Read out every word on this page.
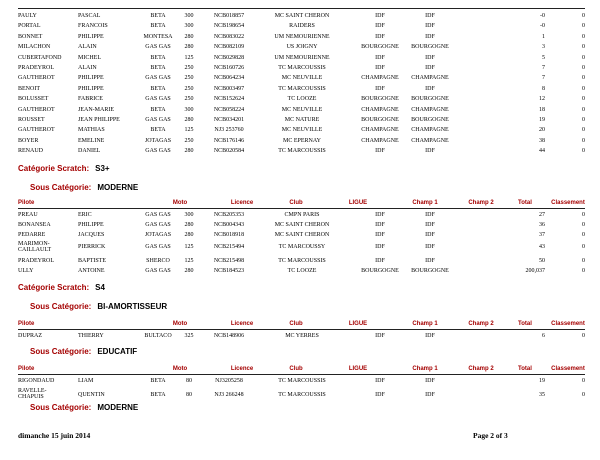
PAULY	PASCAL	BETA	300	NCB018857	MC SAINT CHERON	IDF	IDF	-0	0
PORTAL	FRANCOIS	BETA	300	NCB198654	RAIDERS	IDF	IDF	-0	0
BONNET	PHILIPPE	MONTESA	280	NCB083022	UM NEMOURIENNE	IDF	IDF	1	0
MILACHON	ALAIN	GAS GAS	280	NCB082109	US JOIGNY	BOURGOGNE	BOURGOGNE	3	0
CUBERTAFOND	MICHEL	BETA	125	NCB029828	UM NEMOURIENNE	IDF	IDF	5	0
PRADEYROL	ALAIN	BETA	250	NCB160726	TC MARCOUSSIS	IDF	IDF	7	0
GAUTHEROT	PHILIPPE	GAS GAS	250	NCB064234	MC NEUVILLE	CHAMPAGNE	CHAMPAGNE	7	0
BENOIT	PHILIPPE	BETA	250	NCB003497	TC MARCOUSSIS	IDF	IDF	8	0
BOLUSSET	FABRICE	GAS GAS	250	NCB152624	TC LOOZE	BOURGOGNE	BOURGOGNE	12	0
GAUTHEROT	JEAN-MARIE	BETA	300	NCB058224	MC NEUVILLE	CHAMPAGNE	CHAMPAGNE	18	0
ROUSSET	JEAN PHILIPPE	GAS GAS	280	NCB034201	MC NATURE	BOURGOGNE	BOURGOGNE	19	0
GAUTHEROT	MATHIAS	BETA	125	NJ3 253760	MC NEUVILLE	CHAMPAGNE	CHAMPAGNE	20	0
BOYER	EMELINE	JOTAGAS	250	NCB176146	MC EPERNAY	CHAMPAGNE	CHAMPAGNE	38	0
RENAUD	DANIEL	GAS GAS	280	NCB020584	TC MARCOUSSIS	IDF	IDF	44	0
Catégorie Scratch: S3+
Sous Catégorie: MODERNE
Pilote	Moto	Licence	Club	LIGUE	Champ 1	Champ 2	Total	Classement
PREAU	ERIC	GAS GAS	300	NCB205353	CMPN PARIS	IDF	IDF	27	0
BONANSEA	PHILIPPE	GAS GAS	280	NCB004343	MC SAINT CHERON	IDF	IDF	36	0
PEDARRE	JACQUES	JOTAGAS	280	NCB018918	MC SAINT CHERON	IDF	IDF	37	0
MARIMON-CAILLAULT	PIERRICK	GAS GAS	125	NCB215494	TC MARCOUSSY	IDF	IDF	43	0
PRADEYROL	BAPTISTE	SHERCO	125	NCB215498	TC MARCOUSSIS	IDF	IDF	50	0
ULLY	ANTOINE	GAS GAS	280	NCB184523	TC LOOZE	BOURGOGNE	BOURGOGNE	200,037	0
Catégorie Scratch: S4
Sous Catégorie: BI-AMORTISSEUR
Pilote	Moto	Licence	Club	LIGUE	Champ 1	Champ 2	Total	Classement
DUPRAZ	THIERRY	BULTACO	325	NCB148906	MC YERRES	IDF	IDF	6	0
Sous Catégorie: EDUCATIF
Pilote	Moto	Licence	Club	LIGUE	Champ 1	Champ 2	Total	Classement
RIGONDAUD	LIAM	BETA	80	NJ3205258	TC MARCOUSSIS	IDF	IDF	19	0
RAVELLE-CHAPUIS	QUENTIN	BETA	80	NJ3 266248	TC MARCOUSSIS	IDF	IDF	35	0
Sous Catégorie: MODERNE
dimanche 15 juin 2014	Page 2 of 3
